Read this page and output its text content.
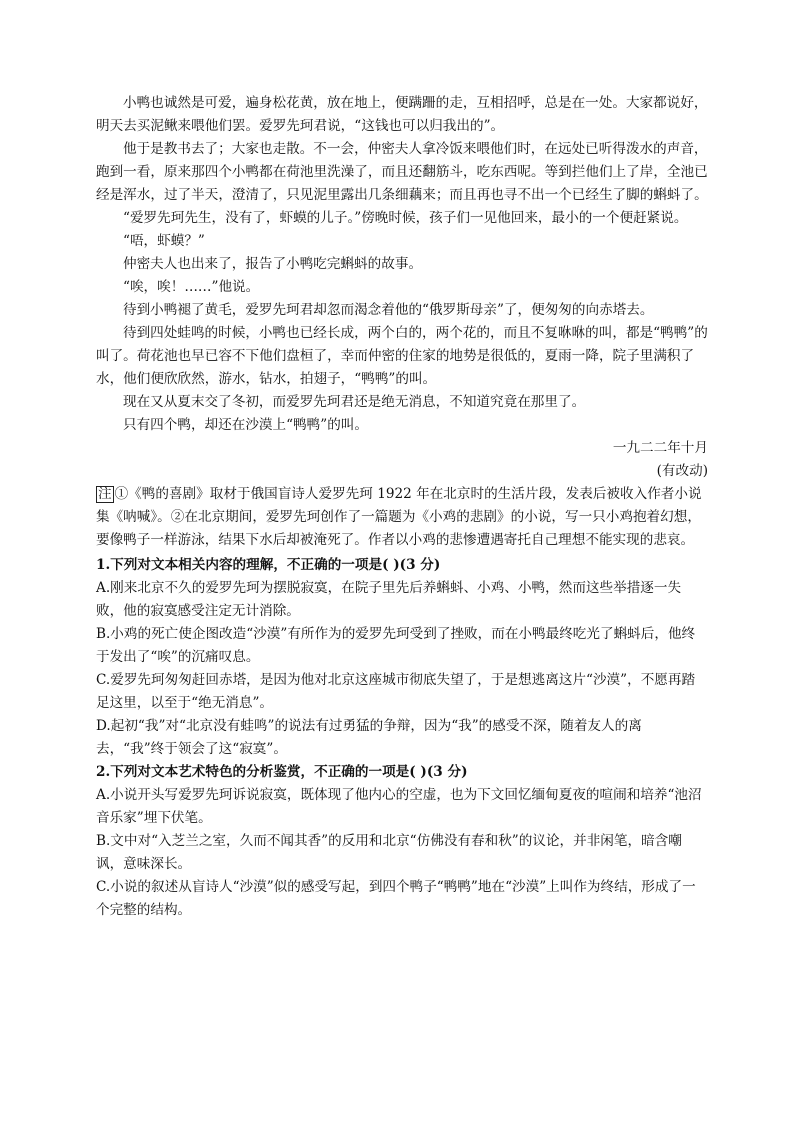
小鸭也诚然是可爱，遍身松花黄，放在地上，便蹒跚的走，互相招呼，总是在一处。大家都说好，明天去买泥鳅来喂他们罢。爱罗先珂君说，“这钱也可以归我出的”。

他于是教书去了；大家也走散。不一会，仲密夫人拿冷饭来喂他们时，在远处已听得泼水的声音，跑到一看，原来那四个小鸭都在荷池里洗澡了，而且还翻筋斗，吃东西呢。等到拦他们上了岸，全池已经是浑水，过了半天，澄清了，只见泥里露出几条细藕来；而且再也寻不出一个已经生了脚的蝌蚪了。

“爱罗先珂先生，没有了，虾蟆的儿子。”傍晚时候，孩子们一见他回来，最小的一个便赶紧说。

“唔，虾蟆？”

仲密夫人也出来了，报告了小鸭吃完蝌蚪的故事。

“唉，唉！……”他说。

待到小鸭褪了黄毛，爱罗先珂君却忽而渴念着他的“俄罗斯母亲”了，便匆匆的向赤塔去。

待到四处蛙鸣的时候，小鸭也已经长成，两个白的，两个花的，而且不复咻咻的叫，都是“鸭鸭”的叫了。荷花池也早已容不下他们盘桓了，幸而仲密的住家的地势是很低的，夏雨一降，院子里满积了水，他们便欣欣然，游水，钻水，拍翅子，“鸭鸭”的叫。

现在又从夏末交了冬初，而爱罗先珂君还是绝无消息，不知道究竟在那里了。

只有四个鸭，却还在沙漠上“鸭鸭”的叫。

一九二二年十月

(有改动)

注 ①《鸭的喜剧》取材于俄国盲诗人爱罗先珂 1922 年在北京时的生活片段，发表后被收入作者小说集《呐喊》。②在北京期间，爱罗先珂创作了一篇题为《小鸡的悲剧》的小说，写一只小鸡抱着幻想，要像鸭子一样游泳，结果下水后却被淹死了。作者以小鸡的悲惨遭遇寄托自己理想不能实现的悲哀。

1.下列对文本相关内容的理解，不正确的一项是( )(3 分)

A.刚来北京不久的爱罗先珂为摆脱寂寞，在院子里先后养蝌蚪、小鸡、小鸭，然而这些举措逐一失败，他的寂寞感受注定无计消除。

B.小鸡的死亡使企图改造“沙漠”有所作为的爱罗先珂受到了挫败，而在小鸭最终吃光了蝌蚪后，他终于发出了“唉”的沉痛叹息。

C.爱罗先珂匆匆赶回赤塔，是因为他对北京这座城市彻底失望了，于是想逃离这片“沙漠”，不愿再踏足这里，以至于“绝无消息”。

D.起初“我”对“北京没有蛙鸣”的说法有过勇猛的争辩，因为“我”的感受不深，随着友人的离去，“我”终于领会了这“寂寞”。

2.下列对文本艺术特色的分析鉴赏，不正确的一项是( )(3 分)

A.小说开头写爱罗先珂诉说寂寞，既体现了他内心的空虚，也为下文回忆缅甸夏夜的喧闹和培养“池沼音乐家”埋下伏笔。

B.文中对“入芝兰之室，久而不闻其香”的反用和北京“仿佛没有春和秋”的议论，并非闲笔，暗含嘲讽，意味深长。

C.小说的叙述从盲诗人“沙漠”似的感受写起，到四个鸭子“鸭鸭”地在“沙漠”上叫作为终结，形成了一个完整的结构。
